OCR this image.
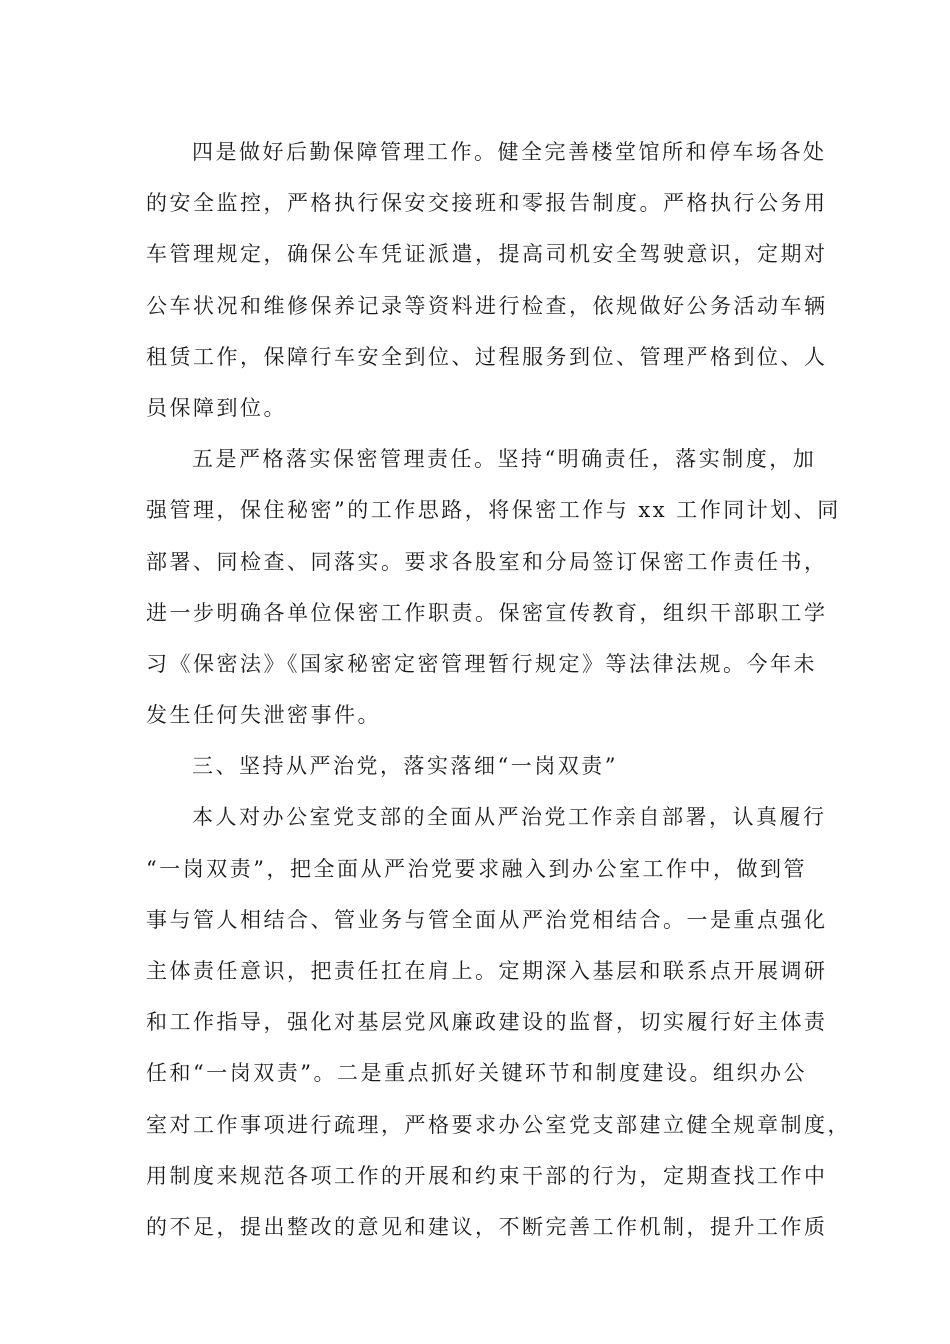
四是做好后勤保障管理工作。健全完善楼堂馆所和停车场各处
的安全监控，严格执行保安交接班和零报告制度。严格执行公务用
车管理规定，确保公车凭证派遣，提高司机安全驾驶意识，定期对
公车状况和维修保养记录等资料进行检查，依规做好公务活动车辆
租赁工作，保障行车安全到位、过程服务到位、管理严格到位、人
员保障到位。
五是严格落实保密管理责任。坚持“明确责任，落实制度，加
强管理，保住秘密”的工作思路，将保密工作与 xx 工作同计划、同
部署、同检查、同落实。要求各股室和分局签订保密工作责任书，
进一步明确各单位保密工作职责。保密宣传教育，组织干部职工学
习《保密法》《国家秘密定密管理暂行规定》等法律法规。今年未
发生任何失泄密事件。
三、坚持从严治党，落实落细“一岗双责”
本人对办公室党支部的全面从严治党工作亲自部署，认真履行
“一岗双责”，把全面从严治党要求融入到办公室工作中，做到管
事与管人相结合、管业务与管全面从严治党相结合。一是重点强化
主体责任意识，把责任扛在肩上。定期深入基层和联系点开展调研
和工作指导，强化对基层党风廉政建设的监督，切实履行好主体责
任和“一岗双责”。二是重点抓好关键环节和制度建设。组织办公
室对工作事项进行疏理，严格要求办公室党支部建立健全规章制度，
用制度来规范各项工作的开展和约束干部的行为，定期查找工作中
的不足，提出整改的意见和建议，不断完善工作机制，提升工作质
